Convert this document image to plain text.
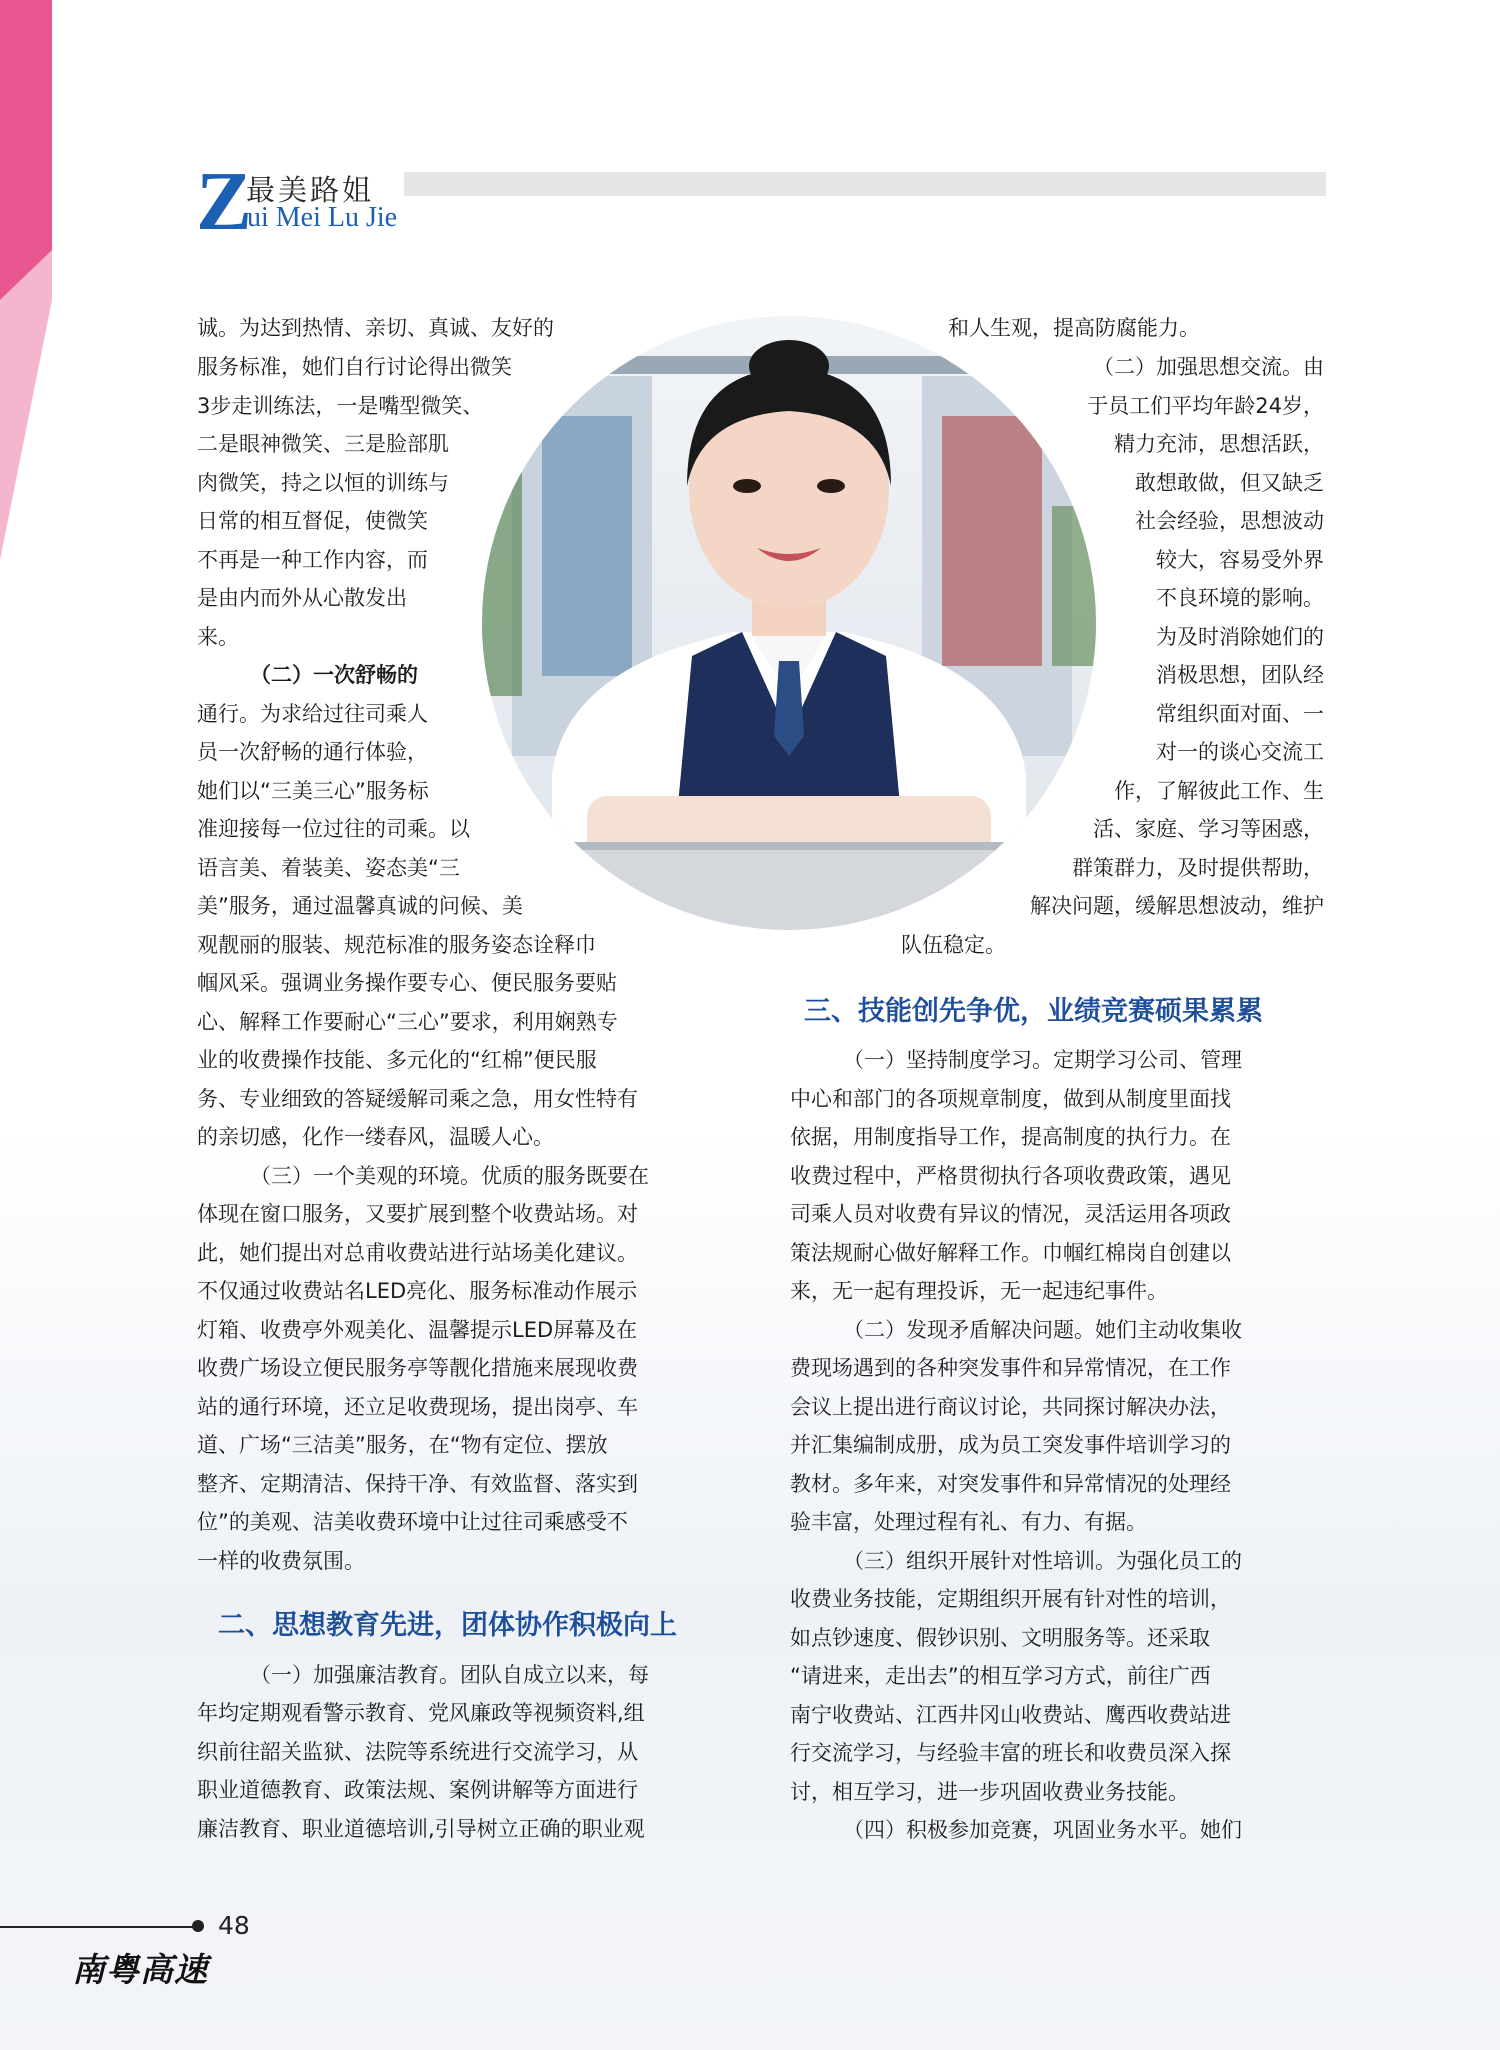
Z
最美路姐
ui Mei Lu Jie
诚。为达到热情、亲切、真诚、友好的
服务标准，她们自行讨论得出微笑
3步走训练法，一是嘴型微笑、
二是眼神微笑、三是脸部肌
肉微笑，持之以恒的训练与
日常的相互督促，使微笑
不再是一种工作内容，而
是由内而外从心散发出
来。
（二）一次舒畅的
通行。为求给过往司乘人
员一次舒畅的通行体验，
她们以“三美三心”服务标
准迎接每一位过往的司乘。以
语言美、着装美、姿态美“三
美”服务，通过温馨真诚的问候、美
观靓丽的服装、规范标准的服务姿态诠释巾
帼风采。强调业务操作要专心、便民服务要贴
心、解释工作要耐心“三心”要求，利用娴熟专
业的收费操作技能、多元化的“红棉”便民服
务、专业细致的答疑缓解司乘之急，用女性特有
的亲切感，化作一缕春风，温暖人心。
（三）一个美观的环境。优质的服务既要在
体现在窗口服务，又要扩展到整个收费站场。对
此，她们提出对总甫收费站进行站场美化建议。
不仅通过收费站名LED亮化、服务标准动作展示
灯箱、收费亭外观美化、温馨提示LED屏幕及在
收费广场设立便民服务亭等靓化措施来展现收费
站的通行环境，还立足收费现场，提出岗亭、车
道、广场“三洁美”服务，在“物有定位、摆放
整齐、定期清洁、保持干净、有效监督、落实到
位”的美观、洁美收费环境中让过往司乘感受不
一样的收费氛围。
二、思想教育先进，团体协作积极向上
（一）加强廉洁教育。团队自成立以来，每
年均定期观看警示教育、党风廉政等视频资料,组
织前往韶关监狱、法院等系统进行交流学习，从
职业道德教育、政策法规、案例讲解等方面进行
廉洁教育、职业道德培训,引导树立正确的职业观
和人生观，提高防腐能力。
（二）加强思想交流。由
于员工们平均年龄24岁，
精力充沛，思想活跃，
敢想敢做，但又缺乏
社会经验，思想波动
较大，容易受外界
不良环境的影响。
为及时消除她们的
消极思想，团队经
常组织面对面、一
对一的谈心交流工
作，了解彼此工作、生
活、家庭、学习等困惑，
群策群力，及时提供帮助，
解决问题，缓解思想波动，维护
队伍稳定。
三、技能创先争优，业绩竞赛硕果累累
（一）坚持制度学习。定期学习公司、管理
中心和部门的各项规章制度，做到从制度里面找
依据，用制度指导工作，提高制度的执行力。在
收费过程中，严格贯彻执行各项收费政策，遇见
司乘人员对收费有异议的情况，灵活运用各项政
策法规耐心做好解释工作。巾帼红棉岗自创建以
来，无一起有理投诉，无一起违纪事件。
（二）发现矛盾解决问题。她们主动收集收
费现场遇到的各种突发事件和异常情况，在工作
会议上提出进行商议讨论，共同探讨解决办法，
并汇集编制成册，成为员工突发事件培训学习的
教材。多年来，对突发事件和异常情况的处理经
验丰富，处理过程有礼、有力、有据。
（三）组织开展针对性培训。为强化员工的
收费业务技能，定期组织开展有针对性的培训，
如点钞速度、假钞识别、文明服务等。还采取
“请进来，走出去”的相互学习方式，前往广西
南宁收费站、江西井冈山收费站、鹰西收费站进
行交流学习，与经验丰富的班长和收费员深入探
讨，相互学习，进一步巩固收费业务技能。
（四）积极参加竞赛，巩固业务水平。她们
48
南粤高速
